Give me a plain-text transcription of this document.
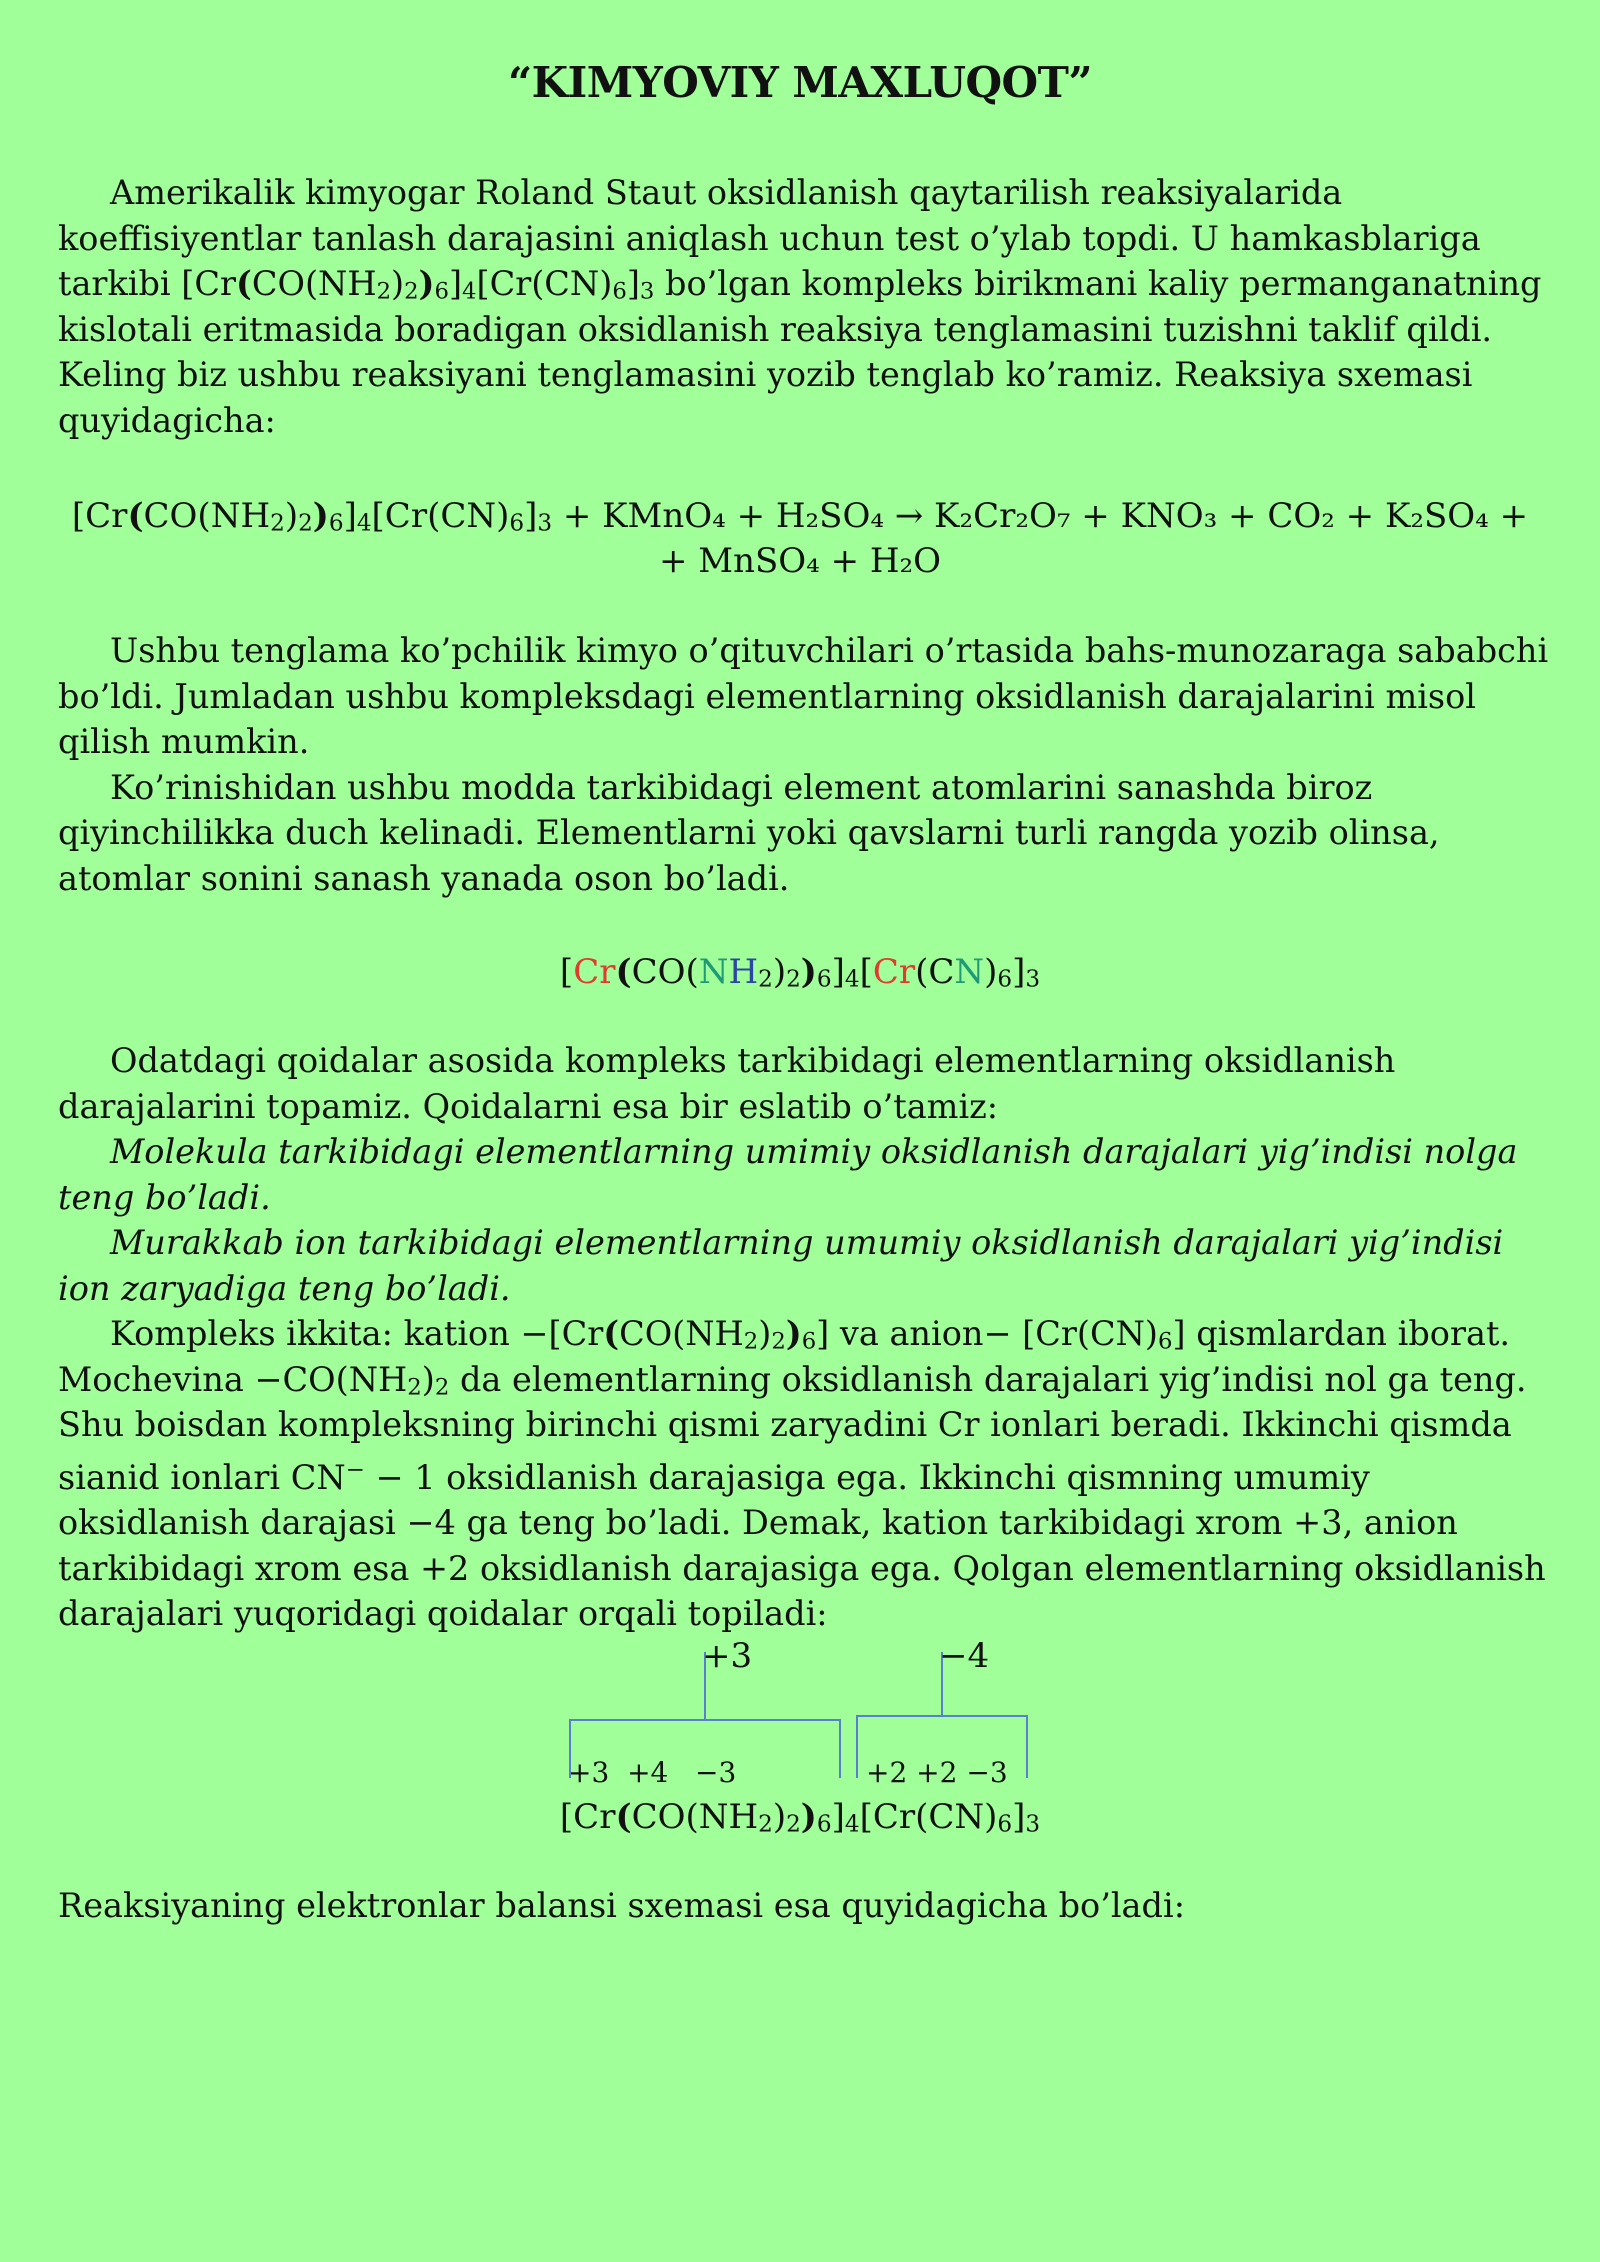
“KIMYOVIY MAXLUQOT”

Amerikalik kimyogar Roland Staut oksidlanish qaytarilish reaksiyalarida koeffisiyentlar tanlash darajasini aniqlash uchun test o’ylab topdi. U hamkasblariga tarkibi $[Cr(CO(NH_2)_2)_6]_4[Cr(CN)_6]_3$ bo’lgan kompleks birikmani kaliy permanganatning kislotali eritmasida boradigan oksidlanish reaksiya tenglamasini tuzishni taklif qildi. Keling biz ushbu reaksiyani tenglamasini yozib tenglab ko’ramiz. Reaksiya sxemasi quyidagicha:

$[Cr(CO(NH_2)_2)_6]_4[Cr(CN)_6]_3$ + KMnO₄ + H₂SO₄ → K₂Cr₂O₇ + KNO₃ + CO₂ + K₂SO₄ +
+ MnSO₄ + H₂O

Ushbu tenglama ko’pchilik kimyo o’qituvchilari o’rtasida bahs-munozaraga sababchi bo’ldi. Jumladan ushbu kompleksdagi elementlarning oksidlanish darajalarini misol qilish mumkin.

Ko’rinishidan ushbu modda tarkibidagi element atomlarini sanashda biroz qiyinchilikka duch kelinadi. Elementlarni yoki qavslarni turli rangda yozib olinsa, atomlar sonini sanash yanada oson bo’ladi.

$[Cr(CO(NH_2)_2)_6]_4[Cr(CN)_6]_3$

Odatdagi qoidalar asosida kompleks tarkibidagi elementlarning oksidlanish darajalarini topamiz. Qoidalarni esa bir eslatib o’tamiz:

Molekula tarkibidagi elementlarning umimiy oksidlanish darajalari yig’indisi nolga teng bo’ladi.

Murakkab ion tarkibidagi elementlarning umumiy oksidlanish darajalari yig’indisi ion zaryadiga teng bo’ladi.

Kompleks ikkita: kation $-[Cr(CO(NH_2)_2)_6]$ va anion− $[Cr(CN)_6]$ qismlardan iborat. Mochevina $-CO(NH_2)_2$ da elementlarning oksidlanish darajalari yig’indisi nol ga teng. Shu boisdan kompleksning birinchi qismi zaryadini Cr ionlari beradi. Ikkinchi qismda sianid ionlari CN− − 1 oksidlanish darajasiga ega. Ikkinchi qismning umumiy oksidlanish darajasi −4 ga teng bo’ladi. Demak, kation tarkibidagi xrom +3, anion tarkibidagi xrom esa +2 oksidlanish darajasiga ega. Qolgan elementlarning oksidlanish darajalari yuqoridagi qoidalar orqali topiladi:

+3	−4
+3  +4   −3	+2 +2 −3
$[Cr(CO(NH_2)_2)_6]_4[Cr(CN)_6]_3$

Reaksiyaning elektronlar balansi sxemasi esa quyidagicha bo’ladi:
